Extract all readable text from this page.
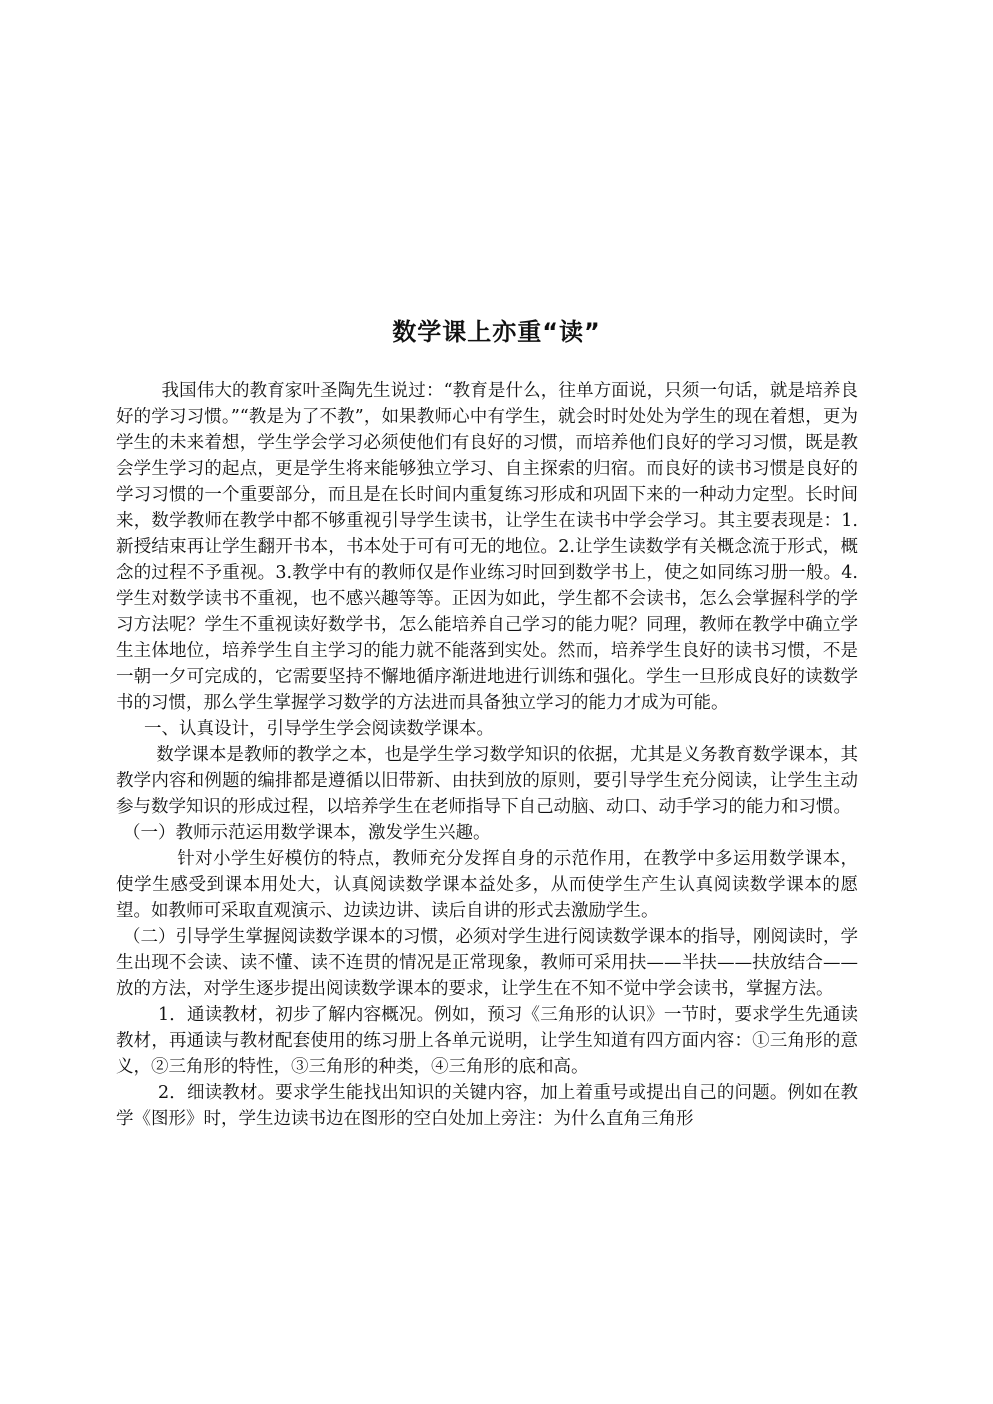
数学课上亦重“读”

我国伟大的教育家叶圣陶先生说过：“教育是什么，往单方面说，只须一句话，就是培养良好的学习习惯。”“教是为了不教”，如果教师心中有学生，就会时时处处为学生的现在着想，更为学生的未来着想，学生学会学习必须使他们有良好的习惯，而培养他们良好的学习习惯，既是教会学生学习的起点，更是学生将来能够独立学习、自主探索的归宿。而良好的读书习惯是良好的学习习惯的一个重要部分，而且是在长时间内重复练习形成和巩固下来的一种动力定型。长时间来，数学教师在教学中都不够重视引导学生读书，让学生在读书中学会学习。其主要表现是：1.新授结束再让学生翻开书本，书本处于可有可无的地位。2.让学生读数学有关概念流于形式，概念的过程不予重视。3.教学中有的教师仅是作业练习时回到数学书上，使之如同练习册一般。4.学生对数学读书不重视，也不感兴趣等等。正因为如此，学生都不会读书，怎么会掌握科学的学习方法呢？学生不重视读好数学书，怎么能培养自己学习的能力呢？同理，教师在教学中确立学生主体地位，培养学生自主学习的能力就不能落到实处。然而，培养学生良好的读书习惯，不是一朝一夕可完成的，它需要坚持不懈地循序渐进地进行训练和强化。学生一旦形成良好的读数学书的习惯，那么学生掌握学习数学的方法进而具备独立学习的能力才成为可能。

一、认真设计，引导学生学会阅读数学课本。

数学课本是教师的教学之本，也是学生学习数学知识的依据，尤其是义务教育数学课本，其教学内容和例题的编排都是遵循以旧带新、由扶到放的原则，要引导学生充分阅读，让学生主动参与数学知识的形成过程，以培养学生在老师指导下自己动脑、动口、动手学习的能力和习惯。

（一）教师示范运用数学课本，激发学生兴趣。

针对小学生好模仿的特点，教师充分发挥自身的示范作用，在教学中多运用数学课本，使学生感受到课本用处大，认真阅读数学课本益处多，从而使学生产生认真阅读数学课本的愿望。如教师可采取直观演示、边读边讲、读后自讲的形式去激励学生。

（二）引导学生掌握阅读数学课本的习惯，必须对学生进行阅读数学课本的指导，刚阅读时，学生出现不会读、读不懂、读不连贯的情况是正常现象，教师可采用扶——半扶——扶放结合——放的方法，对学生逐步提出阅读数学课本的要求，让学生在不知不觉中学会读书，掌握方法。

1．通读教材，初步了解内容概况。例如，预习《三角形的认识》一节时，要求学生先通读教材，再通读与教材配套使用的练习册上各单元说明，让学生知道有四方面内容：①三角形的意义，②三角形的特性，③三角形的种类，④三角形的底和高。

2．细读教材。要求学生能找出知识的关键内容，加上着重号或提出自己的问题。例如在教学《图形》时，学生边读书边在图形的空白处加上旁注：为什么直角三角形
